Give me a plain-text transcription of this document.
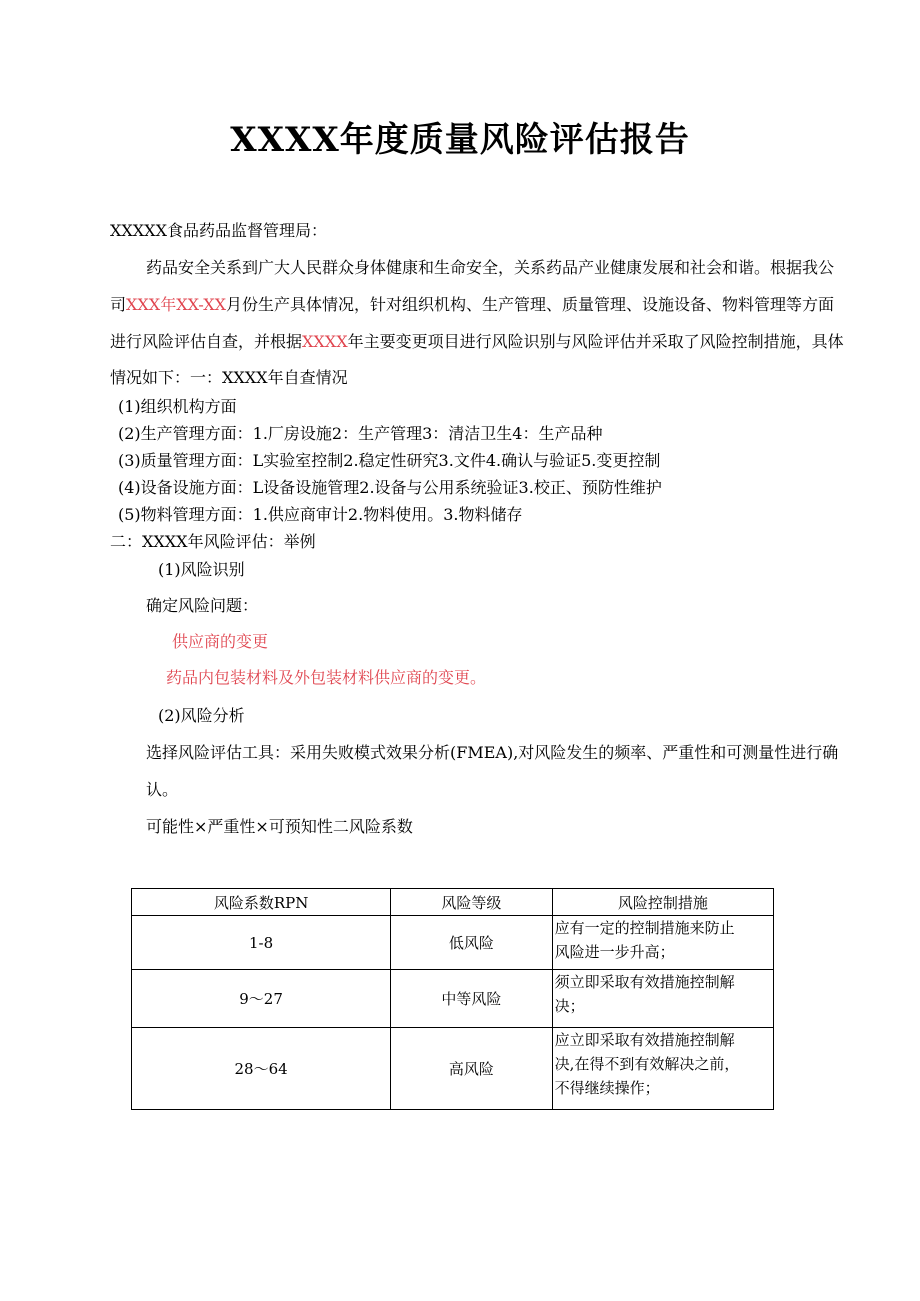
XXXX年度质量风险评估报告
XXXXX食品药品监督管理局：
药品安全关系到广大人民群众身体健康和生命安全，关系药品产业健康发展和社会和谐。根据我公
司XXX年XX-XX月份生产具体情况，针对组织机构、生产管理、质量管理、设施设备、物料管理等方面
进行风险评估自查，并根据XXXX年主要变更项目进行风险识别与风险评估并采取了风险控制措施，具体
情况如下：一：XXXX年自查情况
(1)组织机构方面
(2)生产管理方面：1.厂房设施2：生产管理3：清洁卫生4：生产品种
(3)质量管理方面：L实验室控制2.稳定性研究3.文件4.确认与验证5.变更控制
(4)设备设施方面：L设备设施管理2.设备与公用系统验证3.校正、预防性维护
(5)物料管理方面：1.供应商审计2.物料使用。3.物料储存
二：XXXX年风险评估：举例
(1)风险识别
确定风险问题：
供应商的变更
药品内包装材料及外包装材料供应商的变更。
(2)风险分析
选择风险评估工具：采用失败模式效果分析(FMEA),对风险发生的频率、严重性和可测量性进行确
认。
可能性×严重性×可预知性二风险系数
风险系数RPN	风险等级	风险控制措施
1-8	低风险	应有一定的控制措施来防止
风险进一步升高；

9～27	中等风险	须立即采取有效措施控制解
决；

28～64	高风险	应立即采取有效措施控制解
决,在得不到有效解决之前，
不得继续操作；
